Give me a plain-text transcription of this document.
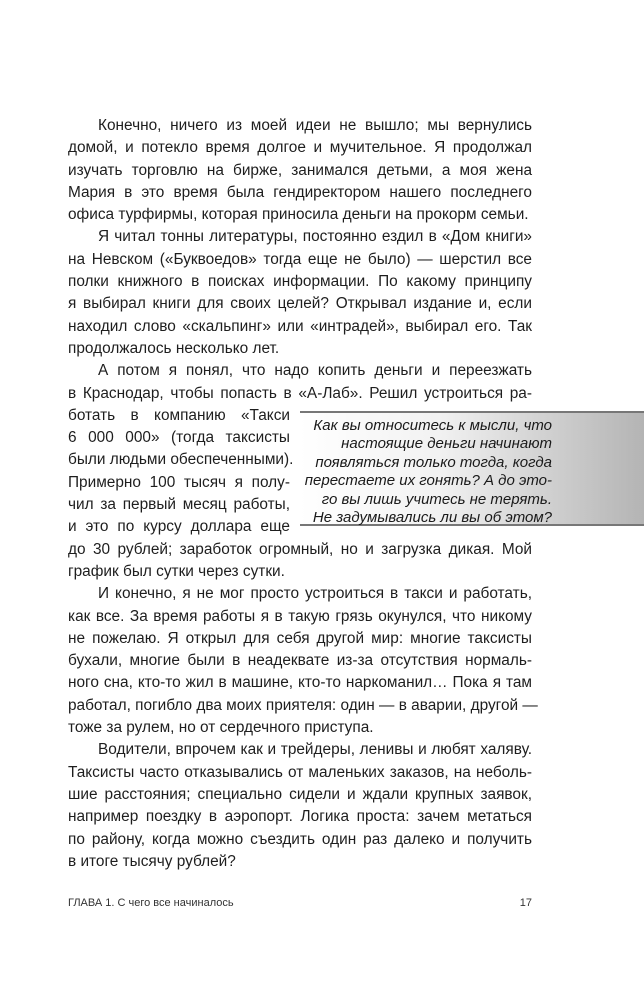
Конечно, ничего из моей идеи не вышло; мы вернулись
домой, и потекло время долгое и мучительное. Я продолжал
изучать торговлю на бирже, занимался детьми, а моя жена
Мария в это время была гендиректором нашего последнего
офиса турфирмы, которая приносила деньги на прокорм семьи.
Я читал тонны литературы, постоянно ездил в «Дом книги»
на Невском («Буквоедов» тогда еще не было) — шерстил все
полки книжного в поисках информации. По какому принципу
я выбирал книги для своих целей? Открывал издание и, если
находил слово «скальпинг» или «интрадей», выбирал его. Так
продолжалось несколько лет.
А потом я понял, что надо копить деньги и переезжать
в Краснодар, чтобы попасть в «А-Лаб». Решил устроиться ра-
ботать в компанию «Такси
6 000 000» (тогда таксисты
были людьми обеспеченными).
Примерно 100 тысяч я полу-
чил за первый месяц работы,
и это по курсу доллара еще
до 30 рублей; заработок огромный, но и загрузка дикая. Мой
график был сутки через сутки.
И конечно, я не мог просто устроиться в такси и работать,
как все. За время работы я в такую грязь окунулся, что никому
не пожелаю. Я открыл для себя другой мир: многие таксисты
бухали, многие были в неадеквате из-за отсутствия нормаль-
ного сна, кто-то жил в машине, кто-то наркоманил… Пока я там
работал, погибло два моих приятеля: один — в аварии, другой —
тоже за рулем, но от сердечного приступа.
Водители, впрочем как и трейдеры, ленивы и любят халяву.
Таксисты часто отказывались от маленьких заказов, на неболь-
шие расстояния; специально сидели и ждали крупных заявок,
например поездку в аэропорт. Логика проста: зачем метаться
по району, когда можно съездить один раз далеко и получить
в итоге тысячу рублей?
Как вы относитесь к мысли, что
настоящие деньги начинают
появляться только тогда, когда
перестаете их гонять? А до это-
го вы лишь учитесь не терять.
Не задумывались ли вы об этом?
ГЛАВА 1. С чего все начиналось	17
